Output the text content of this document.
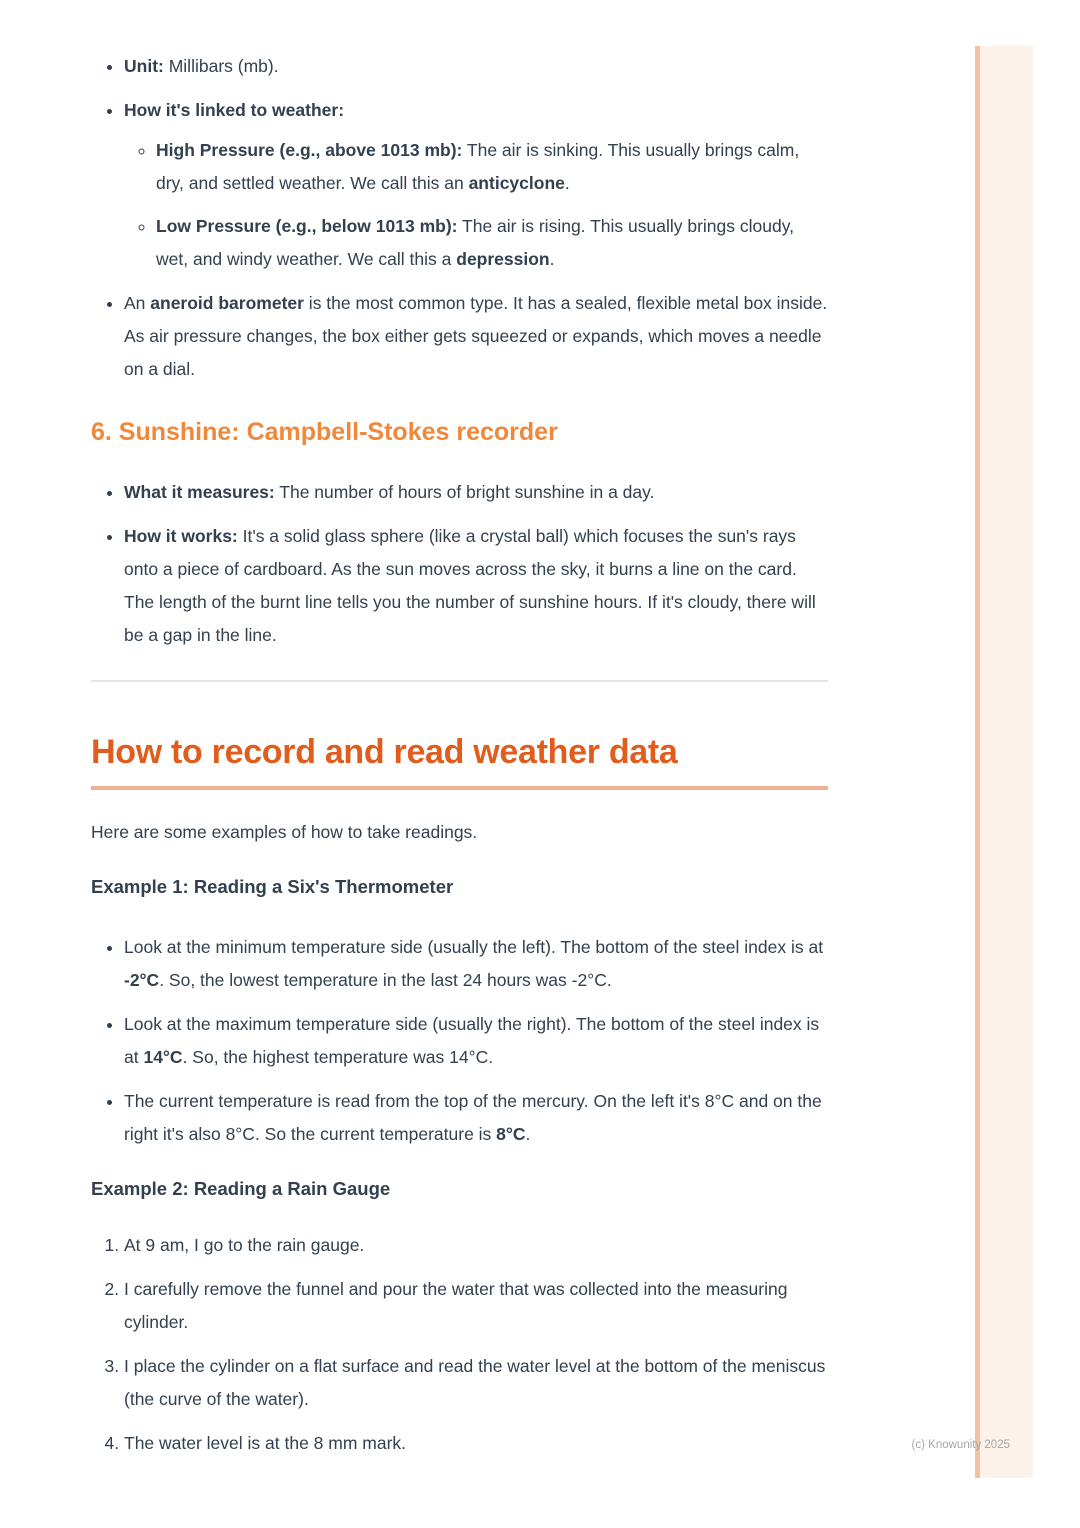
• Unit: Millibars (mb).
• How it's linked to weather:
◦ High Pressure (e.g., above 1013 mb): The air is sinking. This usually brings calm, dry, and settled weather. We call this an anticyclone.
◦ Low Pressure (e.g., below 1013 mb): The air is rising. This usually brings cloudy, wet, and windy weather. We call this a depression.
• An aneroid barometer is the most common type. It has a sealed, flexible metal box inside. As air pressure changes, the box either gets squeezed or expands, which moves a needle on a dial.
6. Sunshine: Campbell-Stokes recorder
• What it measures: The number of hours of bright sunshine in a day.
• How it works: It's a solid glass sphere (like a crystal ball) which focuses the sun's rays onto a piece of cardboard. As the sun moves across the sky, it burns a line on the card. The length of the burnt line tells you the number of sunshine hours. If it's cloudy, there will be a gap in the line.
How to record and read weather data

Here are some examples of how to take readings.

Example 1: Reading a Six's Thermometer
• Look at the minimum temperature side (usually the left). The bottom of the steel index is at -2°C. So, the lowest temperature in the last 24 hours was -2°C.
• Look at the maximum temperature side (usually the right). The bottom of the steel index is at 14°C. So, the highest temperature was 14°C.
• The current temperature is read from the top of the mercury. On the left it's 8°C and on the right it's also 8°C. So the current temperature is 8°C.
Example 2: Reading a Rain Gauge
1. At 9 am, I go to the rain gauge.
2. I carefully remove the funnel and pour the water that was collected into the measuring cylinder.
3. I place the cylinder on a flat surface and read the water level at the bottom of the meniscus (the curve of the water).
4. The water level is at the 8 mm mark.	(c) Knowunity 2025
